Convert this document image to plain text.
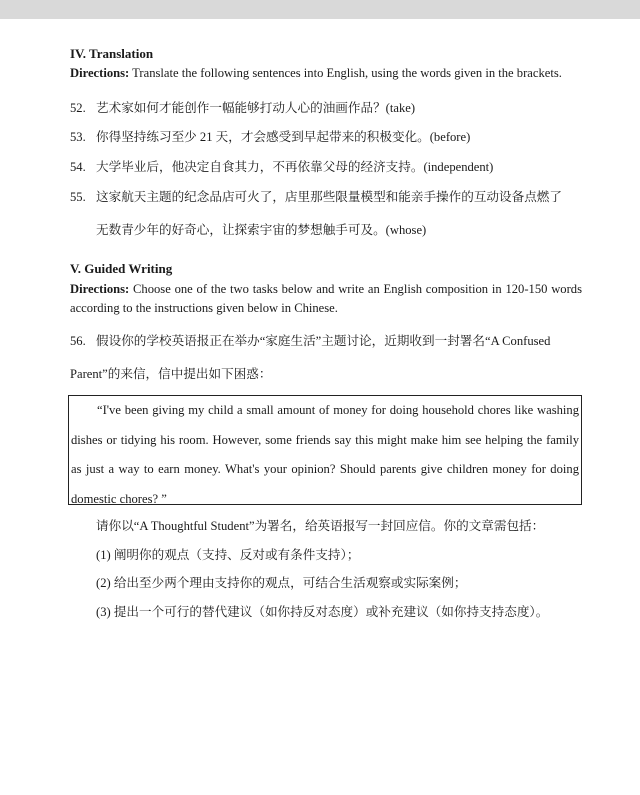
IV. Translation
Directions: Translate the following sentences into English, using the words given in the brackets.
52. 艺术家如何才能创作一幅能够打动人心的油画作品？(take)
53. 你得坚持练习至少 21 天，才会感受到早起带来的积极变化。(before)
54. 大学毕业后，他决定自食其力，不再依靠父母的经济支持。(independent)
55. 这家航天主题的纪念品店可火了，店里那些限量模型和能亲手操作的互动设备点燃了
无数青少年的好奇心，让探索宇宙的梦想触手可及。(whose)
V. Guided Writing
Directions: Choose one of the two tasks below and write an English composition in 120-150 words according to the instructions given below in Chinese.
56. 假设你的学校英语报正在举办“家庭生活”主题讨论，近期收到一封署名“A Confused
Parent”的来信，信中提出如下困惑：
“I've been giving my child a small amount of money for doing household chores like washing dishes or tidying his room. However, some friends say this might make him see helping the family as just a way to earn money. What's your opinion? Should parents give children money for doing domestic chores? ”
请你以“A Thoughtful Student”为署名，给英语报写一封回应信。你的文章需包括：
(1) 阐明你的观点（支持、反对或有条件支持）；
(2) 给出至少两个理由支持你的观点，可结合生活观察或实际案例；
(3) 提出一个可行的替代建议（如你持反对态度）或补充建议（如你持支持态度）。
